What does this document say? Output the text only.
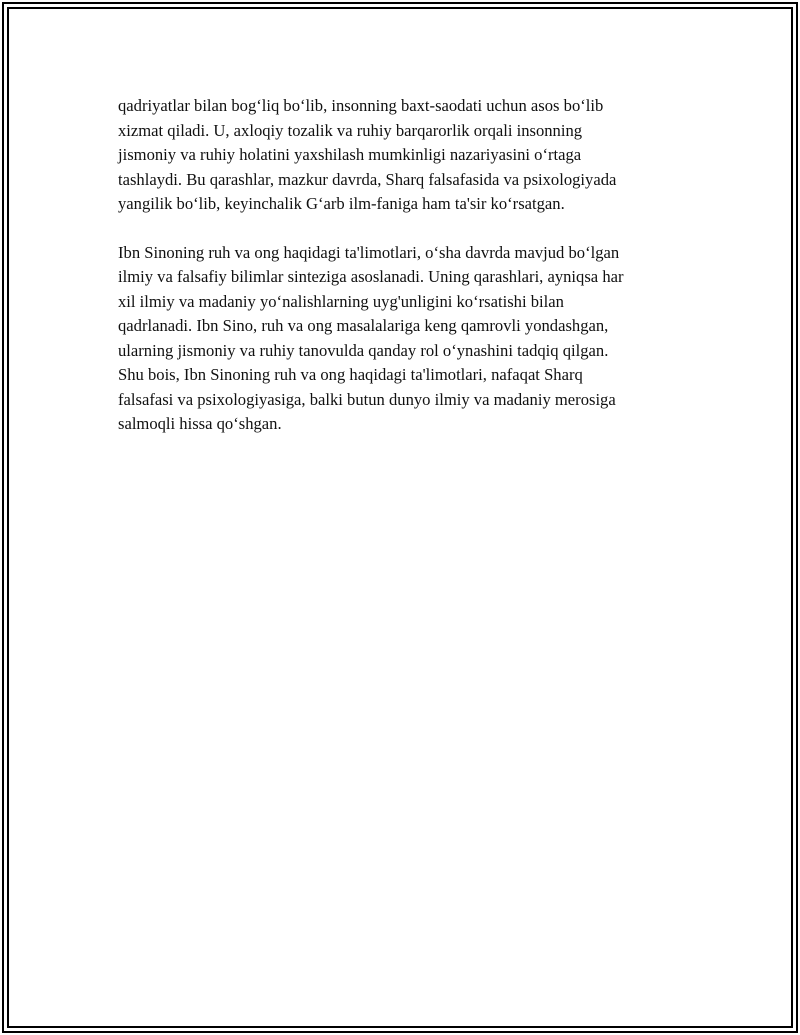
qadriyatlar bilan bog‘liq bo‘lib, insonning baxt-saodati uchun asos bo‘lib
xizmat qiladi. U, axloqiy tozalik va ruhiy barqarorlik orqali insonning
jismoniy va ruhiy holatini yaxshilash mumkinligi nazariyasini o‘rtaga
tashlaydi. Bu qarashlar, mazkur davrda, Sharq falsafasida va psixologiyada
yangilik bo‘lib, keyinchalik G‘arb ilm-faniga ham ta'sir ko‘rsatgan.

Ibn Sinoning ruh va ong haqidagi ta'limotlari, o‘sha davrda mavjud bo‘lgan
ilmiy va falsafiy bilimlar sinteziga asoslanadi. Uning qarashlari, ayniqsa har
xil ilmiy va madaniy yo‘nalishlarning uyg'unligini ko‘rsatishi bilan
qadrlanadi. Ibn Sino, ruh va ong masalalariga keng qamrovli yondashgan,
ularning jismoniy va ruhiy tanovulda qanday rol o‘ynashini tadqiq qilgan.
Shu bois, Ibn Sinoning ruh va ong haqidagi ta'limotlari, nafaqat Sharq
falsafasi va psixologiyasiga, balki butun dunyo ilmiy va madaniy merosiga
salmoqli hissa qo‘shgan.
